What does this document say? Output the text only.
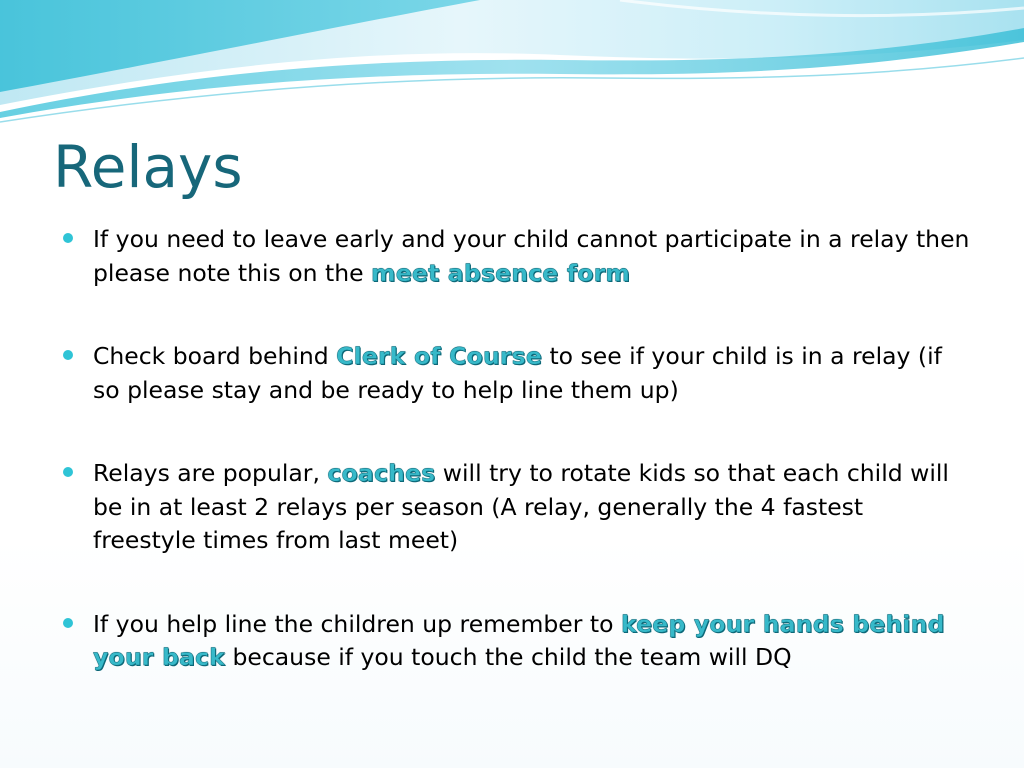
Relays
If you need to leave early and your child cannot participate in a relay then please note this on the meet absence form
Check board behind Clerk of Course to see if your child is in a relay (if so please stay and be ready to help line them up)
Relays are popular, coaches will try to rotate kids so that each child will be in at least 2 relays per season (A relay, generally the 4 fastest freestyle times from last meet)
If you help line the children up remember to keep your hands behind your back because if you touch the child the team will DQ
